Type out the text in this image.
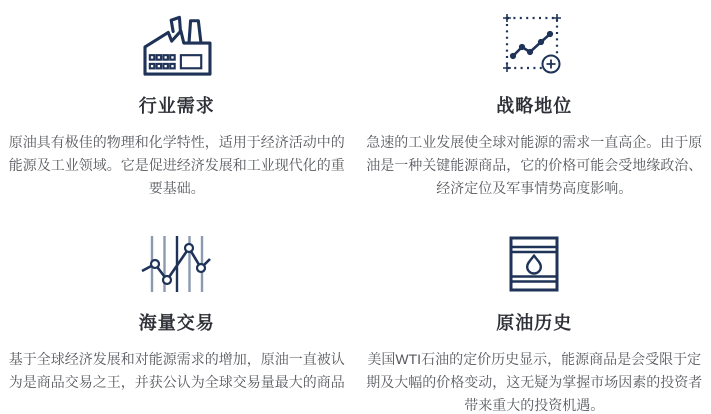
行业需求
原油具有极佳的物理和化学特性，适用于经济活动中的能源及工业领域。它是促进经济发展和工业现代化的重要基础。
战略地位
急速的工业发展使全球对能源的需求一直高企。由于原油是一种关键能源商品，它的价格可能会受地缘政治、经济定位及军事情势高度影响。
海量交易
基于全球经济发展和对能源需求的增加，原油一直被认为是商品交易之王，并获公认为全球交易量最大的商品
原油历史
美国WTI石油的定价历史显示，能源商品是会受限于定期及大幅的价格变动，这无疑为掌握市场因素的投资者带来重大的投资机遇。
